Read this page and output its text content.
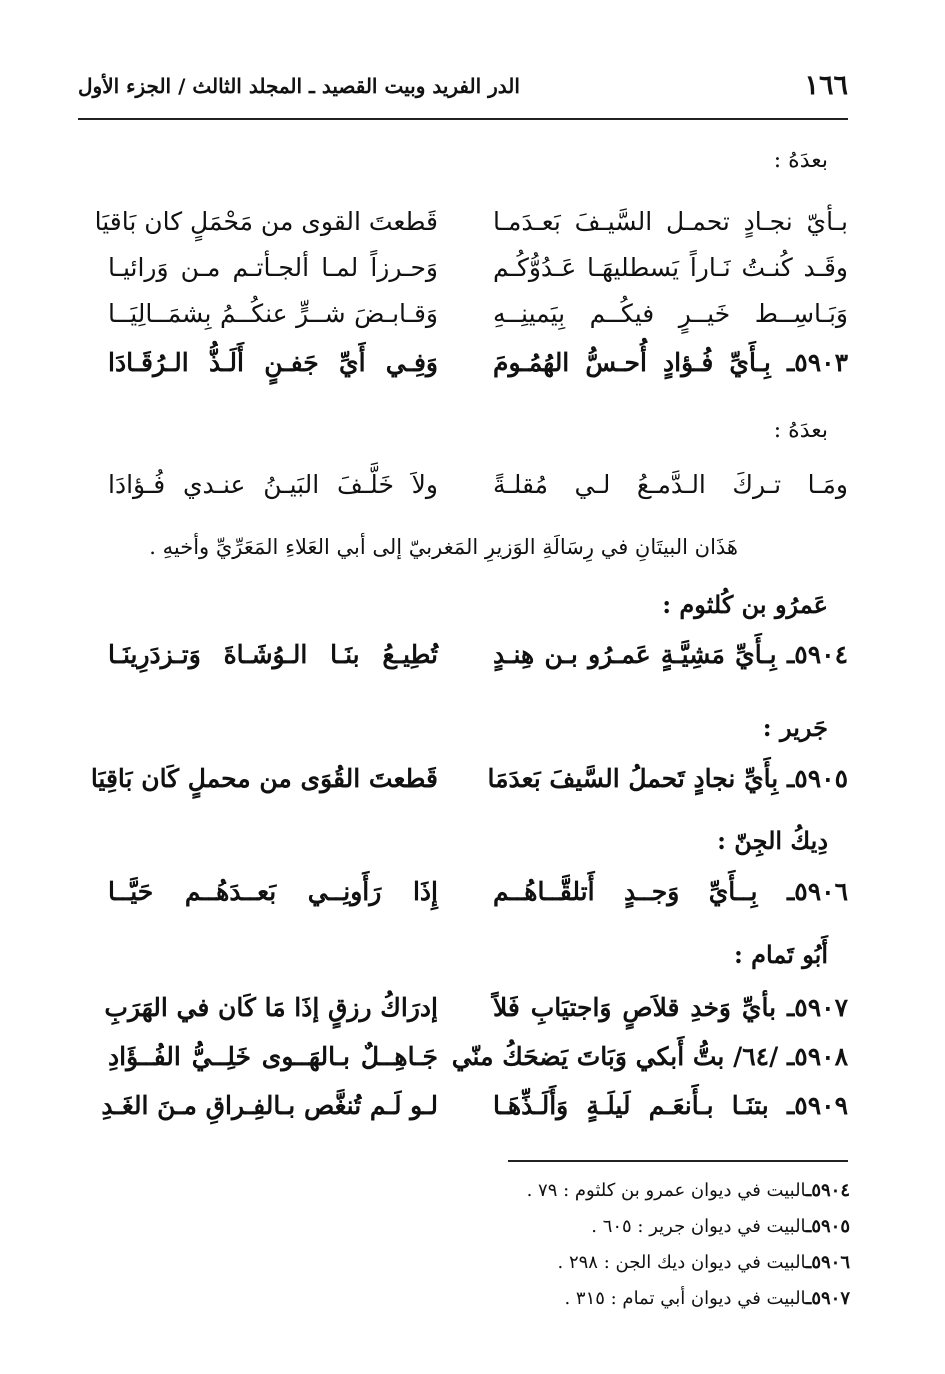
١٦٦
الدر الفريد وبيت القصيد ـ المجلد الثالث / الجزء الأول
بعدَهُ :
بـأيّ نجـادٍ تحمـل السَّيـفَ بَعـدَمـا
قَطعتَ القوى من مَحْمَلٍ كان بَاقيَا
وقَـد كُنـتُ نَـاراً يَسطليهَـا عَـدُوُّكُـم
وَحـرزاً لمـا ألجـأتـم مـن وَرائيـا
وَبَـاسِــط خَيــرٍ فيكُــم بِيَمينِــهِ
وَقـابـضَ شــرٍّ عنكُــمُ بِشمَــالِيَــا
٥٩٠٣ـ بِـأَيِّ فُـؤادٍ أُحـسُّ الهُمُـومَ
وَفِـي أَيِّ جَفـنٍ أَلَـذُّ الـرُقَـادَا
بعدَهُ :
ومَـا تـركَ الـدَّمـعُ لـي مُقلـةً
ولاَ خَلَّـفَ البَيـنُ عنـدي فُـؤادَا
هَذَان البيتَانِ في رِسَالَةِ الوَزيرِ المَغربيّ إلى أبي العَلاءِ المَعَرِّيِّ وأخيهِ .
عَمرُو بن كُلثوم :
٥٩٠٤ـ بِـأَيِّ مَشِيَّـةٍ عَمـرُو بـن هِنـدٍ
تُطِيـعُ بنَـا الـوُشَـاةَ وَتـزدَرِينَـا
جَرير :
٥٩٠٥ـ بِأَيِّ نجادٍ تَحملُ السَّيفَ بَعدَمَا
قَطعتَ القُوَى من محملٍ كَان بَاقِيَا
دِيكُ الجِنّ :
٥٩٠٦ـ بِــأَيِّ وَجــدٍ أَتلقَّــاهُــم
إِذَا رَأَونِــي بَعــدَهُــم حَيَّــا
أَبُو تَمام :
٥٩٠٧ـ بأيِّ وَخدِ قلاَصٍ وَاجتيَابِ فَلاً
إدرَاكُ رزقٍ إذَا مَا كَان في الهَرَبِ
٥٩٠٨ـ /٦٤/ بتُّ أَبكي وَبَاتَ يَضحَكُ منّي
جَـاهِــلٌ بـالهَــوى خَلِــيُّ الفُــؤَادِ
٥٩٠٩ـ بتنَـا بـأَنعَـم لَيلَـةٍ وَأَلَـذِّهَـا
لـو لَـم تُنغَّص بـالفِـراقِ مـنَ الغَـدِ
٥٩٠٤ـالبيت في ديوان عمرو بن كلثوم : ٧٩ .
٥٩٠٥ـالبيت في ديوان جرير : ٦٠٥ .
٥٩٠٦ـالبيت في ديوان ديك الجن : ٢٩٨ .
٥٩٠٧ـالبيت في ديوان أبي تمام : ٣١٥ .
